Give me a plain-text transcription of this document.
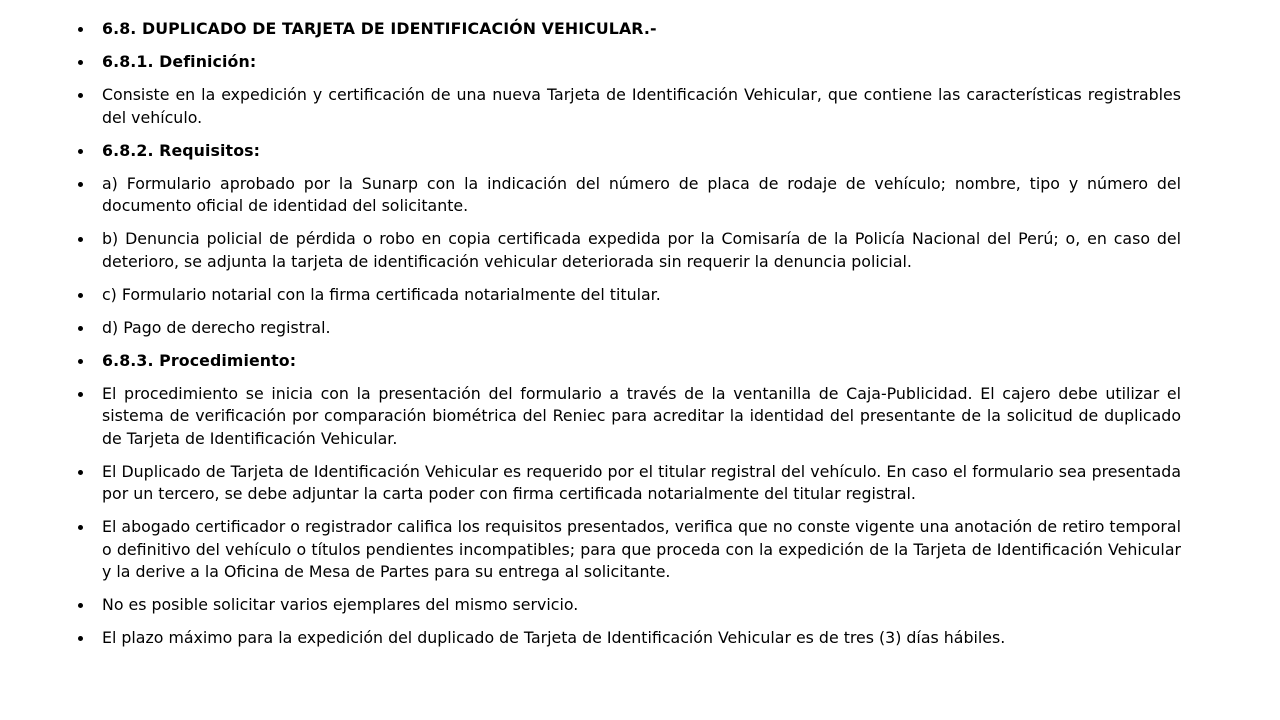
6.8. DUPLICADO DE TARJETA DE IDENTIFICACIÓN VEHICULAR.-
6.8.1. Definición:
Consiste en la expedición y certificación de una nueva Tarjeta de Identificación Vehicular, que contiene las características registrables del vehículo.
6.8.2. Requisitos:
a) Formulario aprobado por la Sunarp con la indicación del número de placa de rodaje de vehículo; nombre, tipo y número del documento oficial de identidad del solicitante.
b) Denuncia policial de pérdida o robo en copia certificada expedida por la Comisaría de la Policía Nacional del Perú; o, en caso del deterioro, se adjunta la tarjeta de identificación vehicular deteriorada sin requerir la denuncia policial.
c) Formulario notarial con la firma certificada notarialmente del titular.
d) Pago de derecho registral.
6.8.3. Procedimiento:
El procedimiento se inicia con la presentación del formulario a través de la ventanilla de Caja-Publicidad. El cajero debe utilizar el sistema de verificación por comparación biométrica del Reniec para acreditar la identidad del presentante de la solicitud de duplicado de Tarjeta de Identificación Vehicular.
El Duplicado de Tarjeta de Identificación Vehicular es requerido por el titular registral del vehículo. En caso el formulario sea presentada por un tercero, se debe adjuntar la carta poder con firma certificada notarialmente del titular registral.
El abogado certificador o registrador califica los requisitos presentados, verifica que no conste vigente una anotación de retiro temporal o definitivo del vehículo o títulos pendientes incompatibles; para que proceda con la expedición de la Tarjeta de Identificación Vehicular y la derive a la Oficina de Mesa de Partes para su entrega al solicitante.
No es posible solicitar varios ejemplares del mismo servicio.
El plazo máximo para la expedición del duplicado de Tarjeta de Identificación Vehicular es de tres (3) días hábiles.
